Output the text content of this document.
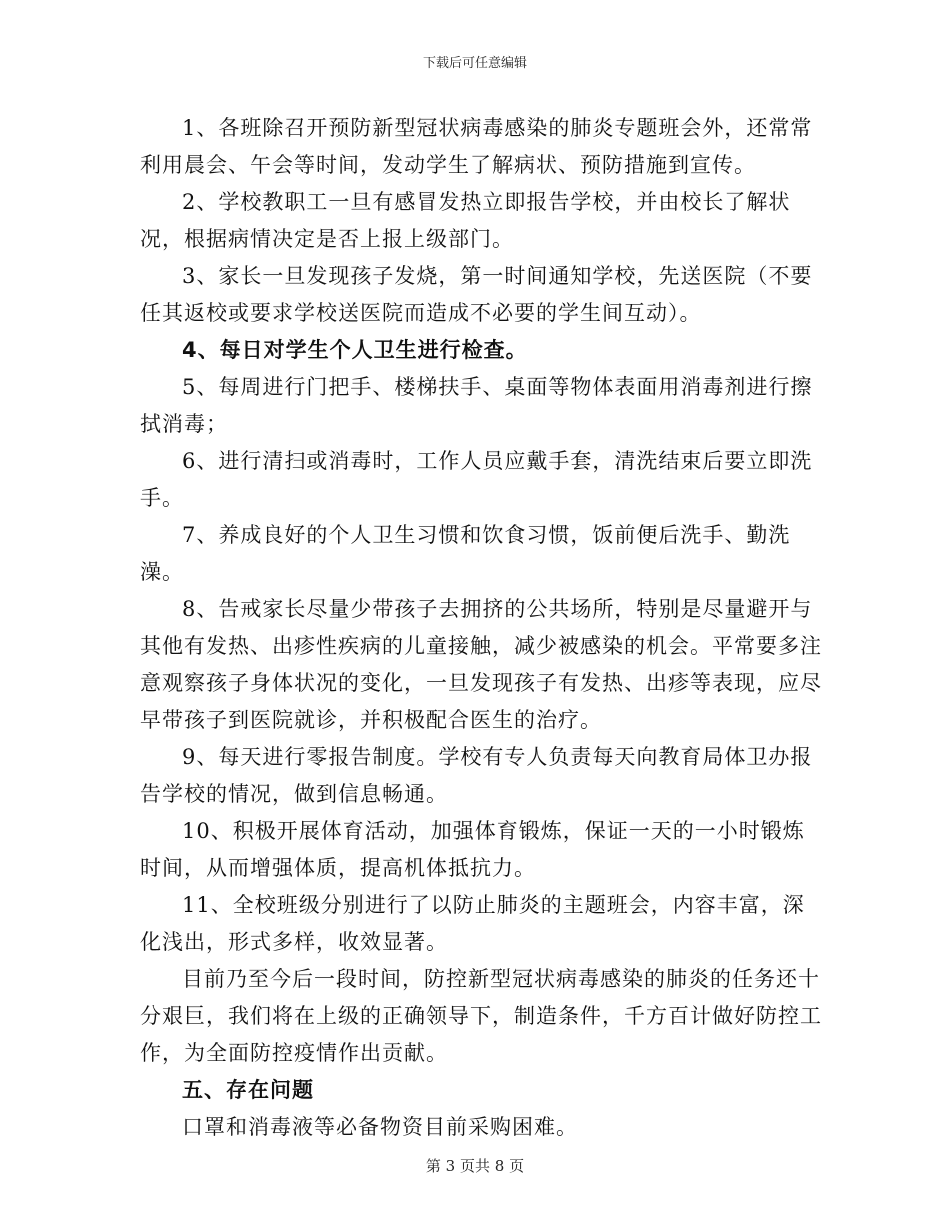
下载后可任意编辑

1、各班除召开预防新型冠状病毒感染的肺炎专题班会外，还常常利用晨会、午会等时间，发动学生了解病状、预防措施到宣传。

2、学校教职工一旦有感冒发热立即报告学校，并由校长了解状况，根据病情决定是否上报上级部门。

3、家长一旦发现孩子发烧，第一时间通知学校，先送医院（不要任其返校或要求学校送医院而造成不必要的学生间互动）。

4、每日对学生个人卫生进行检查。

5、每周进行门把手、楼梯扶手、桌面等物体表面用消毒剂进行擦拭消毒；

6、进行清扫或消毒时，工作人员应戴手套，清洗结束后要立即洗手。

7、养成良好的个人卫生习惯和饮食习惯，饭前便后洗手、勤洗澡。

8、告戒家长尽量少带孩子去拥挤的公共场所，特别是尽量避开与其他有发热、出疹性疾病的儿童接触，减少被感染的机会。平常要多注意观察孩子身体状况的变化，一旦发现孩子有发热、出疹等表现，应尽早带孩子到医院就诊，并积极配合医生的治疗。

9、每天进行零报告制度。学校有专人负责每天向教育局体卫办报告学校的情况，做到信息畅通。

10、积极开展体育活动，加强体育锻炼，保证一天的一小时锻炼时间，从而增强体质，提高机体抵抗力。

11、全校班级分别进行了以防止肺炎的主题班会，内容丰富，深化浅出，形式多样，收效显著。

目前乃至今后一段时间，防控新型冠状病毒感染的肺炎的任务还十分艰巨，我们将在上级的正确领导下，制造条件，千方百计做好防控工作，为全面防控疫情作出贡献。

五、存在问题

口罩和消毒液等必备物资目前采购困难。

第 3 页共 8 页
